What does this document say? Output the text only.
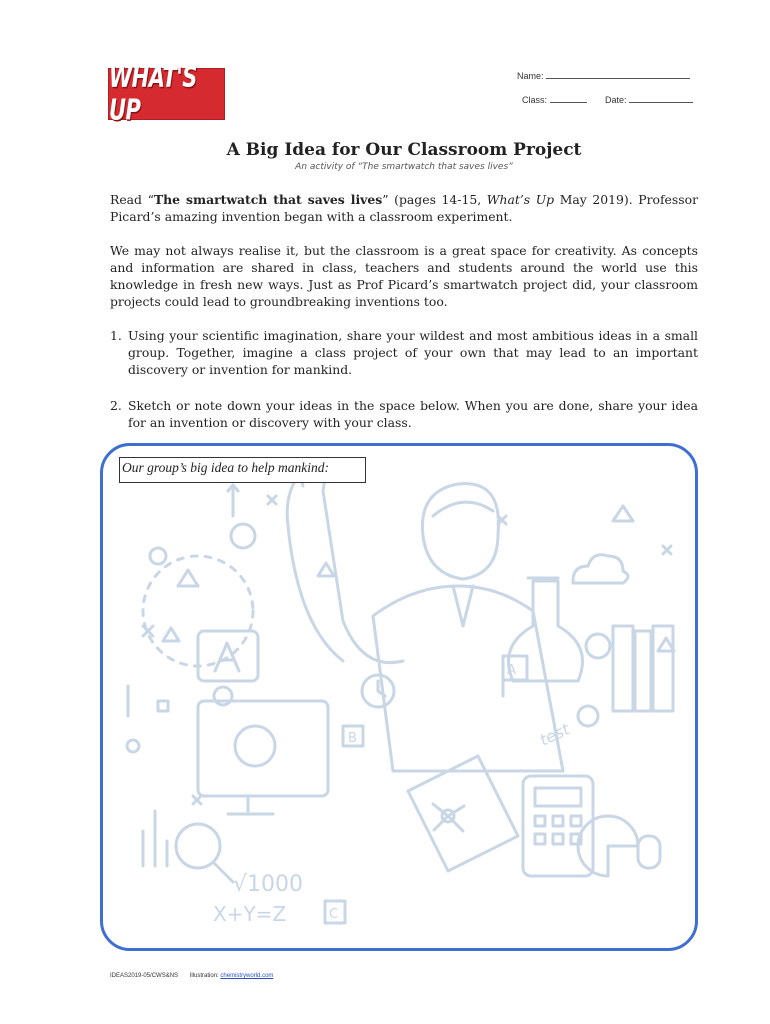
WHAT'S UP
Name:
Class:	Date:
A Big Idea for Our Classroom Project
An activity of “The smartwatch that saves lives”
Read “The smartwatch that saves lives” (pages 14-15, What’s Up May 2019). Professor Picard’s amazing invention began with a classroom experiment.
We may not always realise it, but the classroom is a great space for creativity. As concepts and information are shared in class, teachers and students around the world use this knowledge in fresh new ways. Just as Prof Picard’s smartwatch project did, your classroom projects could lead to groundbreaking inventions too.
1. Using your scientific imagination, share your wildest and most ambitious ideas in a small group. Together, imagine a class project of your own that may lead to an important discovery or invention for mankind.
2. Sketch or note down your ideas in the space below. When you are done, share your idea for an invention or discovery with your class.
√1000
X+Y=Z
B
C
A
test
Our group’s big idea to help mankind:
IDEAS2019-05/CWS&NS Illustration: chemistryworld.com
